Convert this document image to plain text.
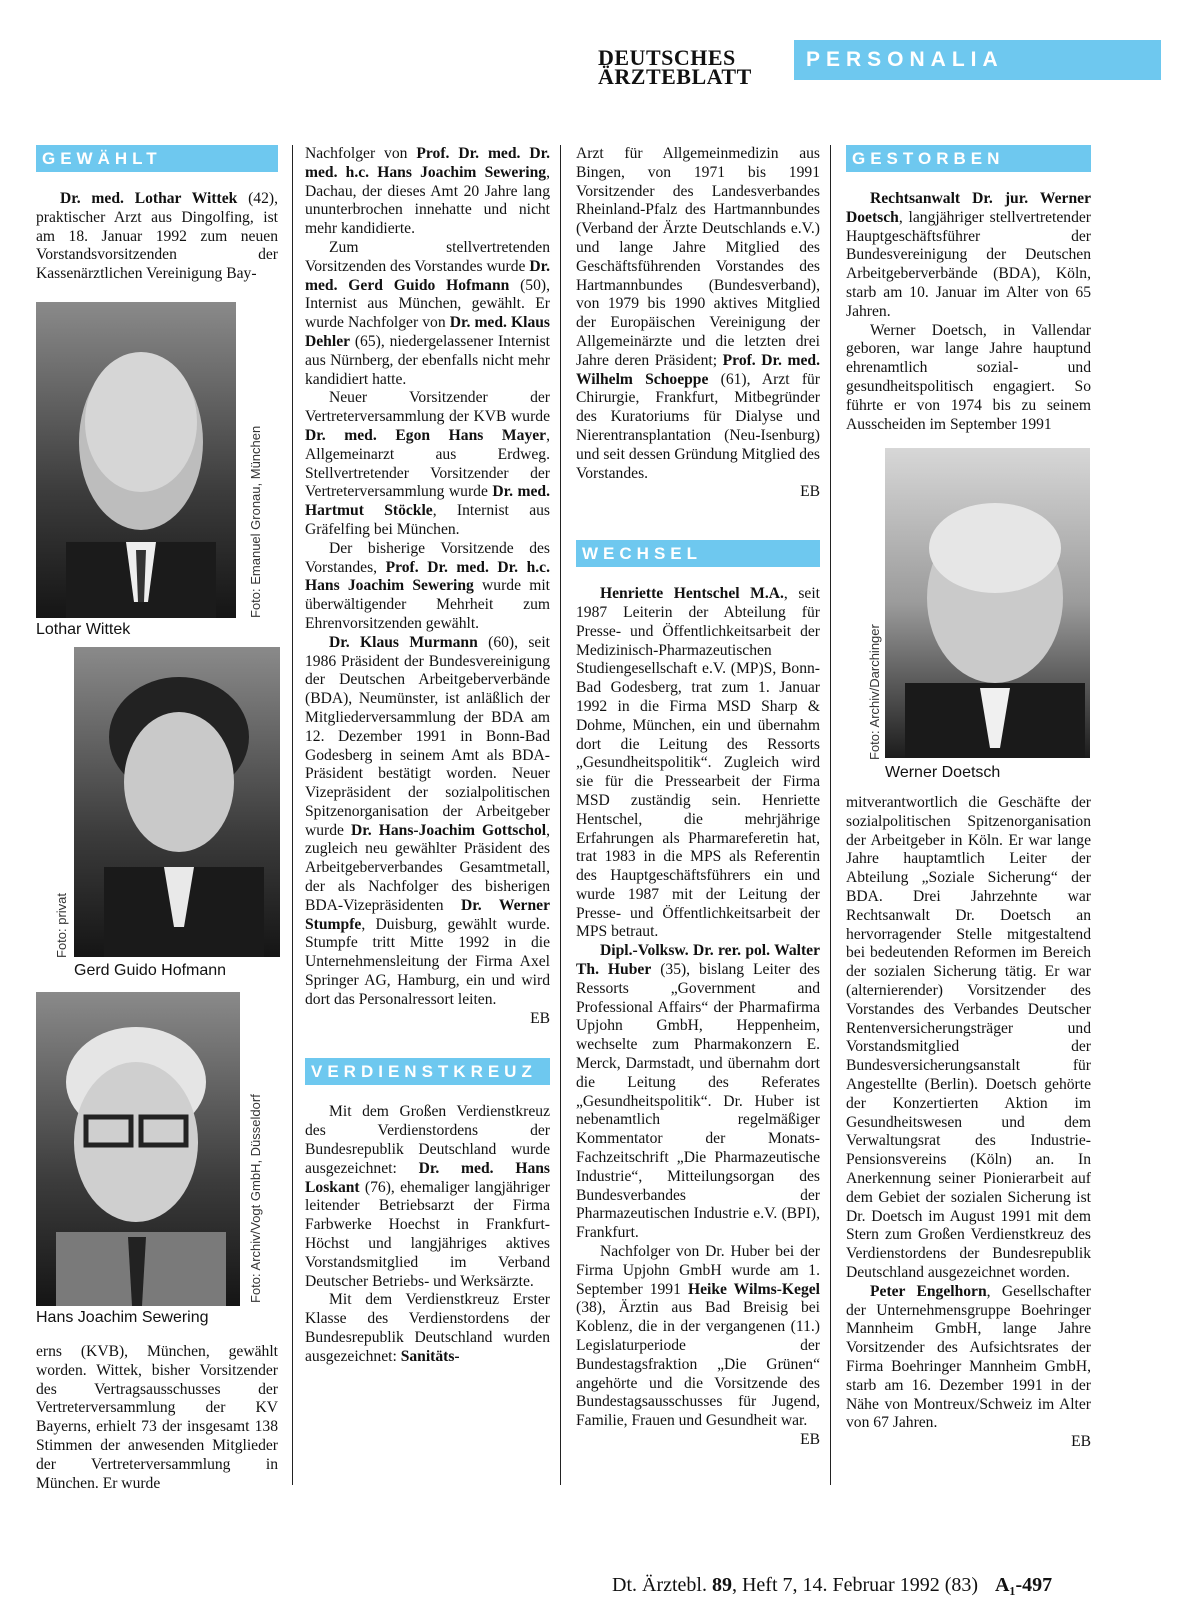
DEUTSCHES
ÄRZTEBLATT
PERSONALIA
GEWÄHLT

Dr. med. Lothar Wittek (42), praktischer Arzt aus Dingolfing, ist am 18. Januar 1992 zum neuen Vorstandsvorsitzenden der Kassenärztlichen Vereinigung Bay-

Foto: Emanuel Gronau, München
Lothar Wittek
Foto: privat
Gerd Guido Hofmann
Foto: Archiv/Vogt GmbH, Düsseldorf
Hans Joachim Sewering

erns (KVB), München, gewählt worden. Wittek, bisher Vorsitzender des Vertragsausschusses der Vertreterversammlung der KV Bayerns, erhielt 73 der insgesamt 138 Stimmen der anwesenden Mitglieder der Vertreterversammlung in München. Er wurde

Nachfolger von Prof. Dr. med. Dr. med. h.c. Hans Joachim Sewering, Dachau, der dieses Amt 20 Jahre lang ununterbrochen innehatte und nicht mehr kandidierte.

Zum stellvertretenden Vorsitzenden des Vorstandes wurde Dr. med. Gerd Guido Hofmann (50), Internist aus München, gewählt. Er wurde Nachfolger von Dr. med. Klaus Dehler (65), niedergelassener Internist aus Nürnberg, der ebenfalls nicht mehr kandidiert hatte.

Neuer Vorsitzender der Vertreterversammlung der KVB wurde Dr. med. Egon Hans Mayer, Allgemeinarzt aus Erdweg. Stellvertretender Vorsitzender der Vertreterversammlung wurde Dr. med. Hartmut Stöckle, Internist aus Gräfelfing bei München.

Der bisherige Vorsitzende des Vorstandes, Prof. Dr. med. Dr. h.c. Hans Joachim Sewering wurde mit überwältigender Mehrheit zum Ehrenvorsitzenden gewählt.

Dr. Klaus Murmann (60), seit 1986 Präsident der Bundesvereinigung der Deutschen Arbeitgeberverbände (BDA), Neumünster, ist anläßlich der Mitgliederversammlung der BDA am 12. Dezember 1991 in Bonn-Bad Godesberg in seinem Amt als BDA-Präsident bestätigt worden. Neuer Vizepräsident der sozialpolitischen Spitzenorganisation der Arbeitgeber wurde Dr. Hans-Joachim Gottschol, zugleich neu gewählter Präsident des Arbeitgeberverbandes Gesamtmetall, der als Nachfolger des bisherigen BDA-Vizepräsidenten Dr. Werner Stumpfe, Duisburg, gewählt wurde. Stumpfe tritt Mitte 1992 in die Unternehmensleitung der Firma Axel Springer AG, Hamburg, ein und wird dort das Personalressort leiten.

EB
VERDIENSTKREUZ

Mit dem Großen Verdienstkreuz des Verdienstordens der Bundesrepublik Deutschland wurde ausgezeichnet: Dr. med. Hans Loskant (76), ehemaliger langjähriger leitender Betriebsarzt der Firma Farbwerke Hoechst in Frankfurt-Höchst und langjähriges aktives Vorstandsmitglied im Verband Deutscher Betriebs- und Werksärzte.

Mit dem Verdienstkreuz Erster Klasse des Verdienstordens der Bundesrepublik Deutschland wurden ausgezeichnet: Sanitäts-

Arzt für Allgemeinmedizin aus Bingen, von 1971 bis 1991 Vorsitzender des Landesverbandes Rheinland-Pfalz des Hartmannbundes (Verband der Ärzte Deutschlands e.V.) und lange Jahre Mitglied des Geschäftsführenden Vorstandes des Hartmannbundes (Bundesverband), von 1979 bis 1990 aktives Mitglied der Europäischen Vereinigung der Allgemeinärzte und die letzten drei Jahre deren Präsident; Prof. Dr. med. Wilhelm Schoeppe (61), Arzt für Chirurgie, Frankfurt, Mitbegründer des Kuratoriums für Dialyse und Nierentransplantation (Neu-Isenburg) und seit dessen Gründung Mitglied des Vorstandes.

EB
WECHSEL

Henriette Hentschel M.A., seit 1987 Leiterin der Abteilung für Presse- und Öffentlichkeitsarbeit der Medizinisch-Pharmazeutischen Studiengesellschaft e.V. (MP)S, Bonn-Bad Godesberg, trat zum 1. Januar 1992 in die Firma MSD Sharp & Dohme, München, ein und übernahm dort die Leitung des Ressorts „Gesundheitspolitik“. Zugleich wird sie für die Pressearbeit der Firma MSD zuständig sein. Henriette Hentschel, die mehrjährige Erfahrungen als Pharmareferetin hat, trat 1983 in die MPS als Referentin des Hauptgeschäftsführers ein und wurde 1987 mit der Leitung der Presse- und Öffentlichkeitsarbeit der MPS betraut.

Dipl.-Volksw. Dr. rer. pol. Walter Th. Huber (35), bislang Leiter des Ressorts „Government and Professional Affairs“ der Pharmafirma Upjohn GmbH, Heppenheim, wechselte zum Pharmakonzern E. Merck, Darmstadt, und übernahm dort die Leitung des Referates „Gesundheitspolitik“. Dr. Huber ist nebenamtlich regelmäßiger Kommentator der Monats-Fachzeitschrift „Die Pharmazeutische Industrie“, Mitteilungsorgan des Bundesverbandes der Pharmazeutischen Industrie e.V. (BPI), Frankfurt.

Nachfolger von Dr. Huber bei der Firma Upjohn GmbH wurde am 1. September 1991 Heike Wilms-Kegel (38), Ärztin aus Bad Breisig bei Koblenz, die in der vergangenen (11.) Legislaturperiode der Bundestagsfraktion „Die Grünen“ angehörte und die Vorsitzende des Bundestagsausschusses für Jugend, Familie, Frauen und Gesundheit war.

EB
GESTORBEN

Rechtsanwalt Dr. jur. Werner Doetsch, langjähriger stellvertretender Hauptgeschäftsführer der Bundesvereinigung der Deutschen Arbeitgeberverbände (BDA), Köln, starb am 10. Januar im Alter von 65 Jahren.

Werner Doetsch, in Vallendar geboren, war lange Jahre hauptund ehrenamtlich sozial- und gesundheitspolitisch engagiert. So führte er von 1974 bis zu seinem Ausscheiden im September 1991

Foto: Archiv/Darchinger
Werner Doetsch

mitverantwortlich die Geschäfte der sozialpolitischen Spitzenorganisation der Arbeitgeber in Köln. Er war lange Jahre hauptamtlich Leiter der Abteilung „Soziale Sicherung“ der BDA. Drei Jahrzehnte war Rechtsanwalt Dr. Doetsch an hervorragender Stelle mitgestaltend bei bedeutenden Reformen im Bereich der sozialen Sicherung tätig. Er war (alternierender) Vorsitzender des Vorstandes des Verbandes Deutscher Rentenversicherungsträger und Vorstandsmitglied der Bundesversicherungsanstalt für Angestellte (Berlin). Doetsch gehörte der Konzertierten Aktion im Gesundheitswesen und dem Verwaltungsrat des Industrie-Pensionsvereins (Köln) an. In Anerkennung seiner Pionierarbeit auf dem Gebiet der sozialen Sicherung ist Dr. Doetsch im August 1991 mit dem Stern zum Großen Verdienstkreuz des Verdienstordens der Bundesrepublik Deutschland ausgezeichnet worden.

Peter Engelhorn, Gesellschafter der Unternehmensgruppe Boehringer Mannheim GmbH, lange Jahre Vorsitzender des Aufsichtsrates der Firma Boehringer Mannheim GmbH, starb am 16. Dezember 1991 in der Nähe von Montreux/Schweiz im Alter von 67 Jahren.

EB
Dt. Ärztebl. 89, Heft 7, 14. Februar 1992 (83) A₁-497
